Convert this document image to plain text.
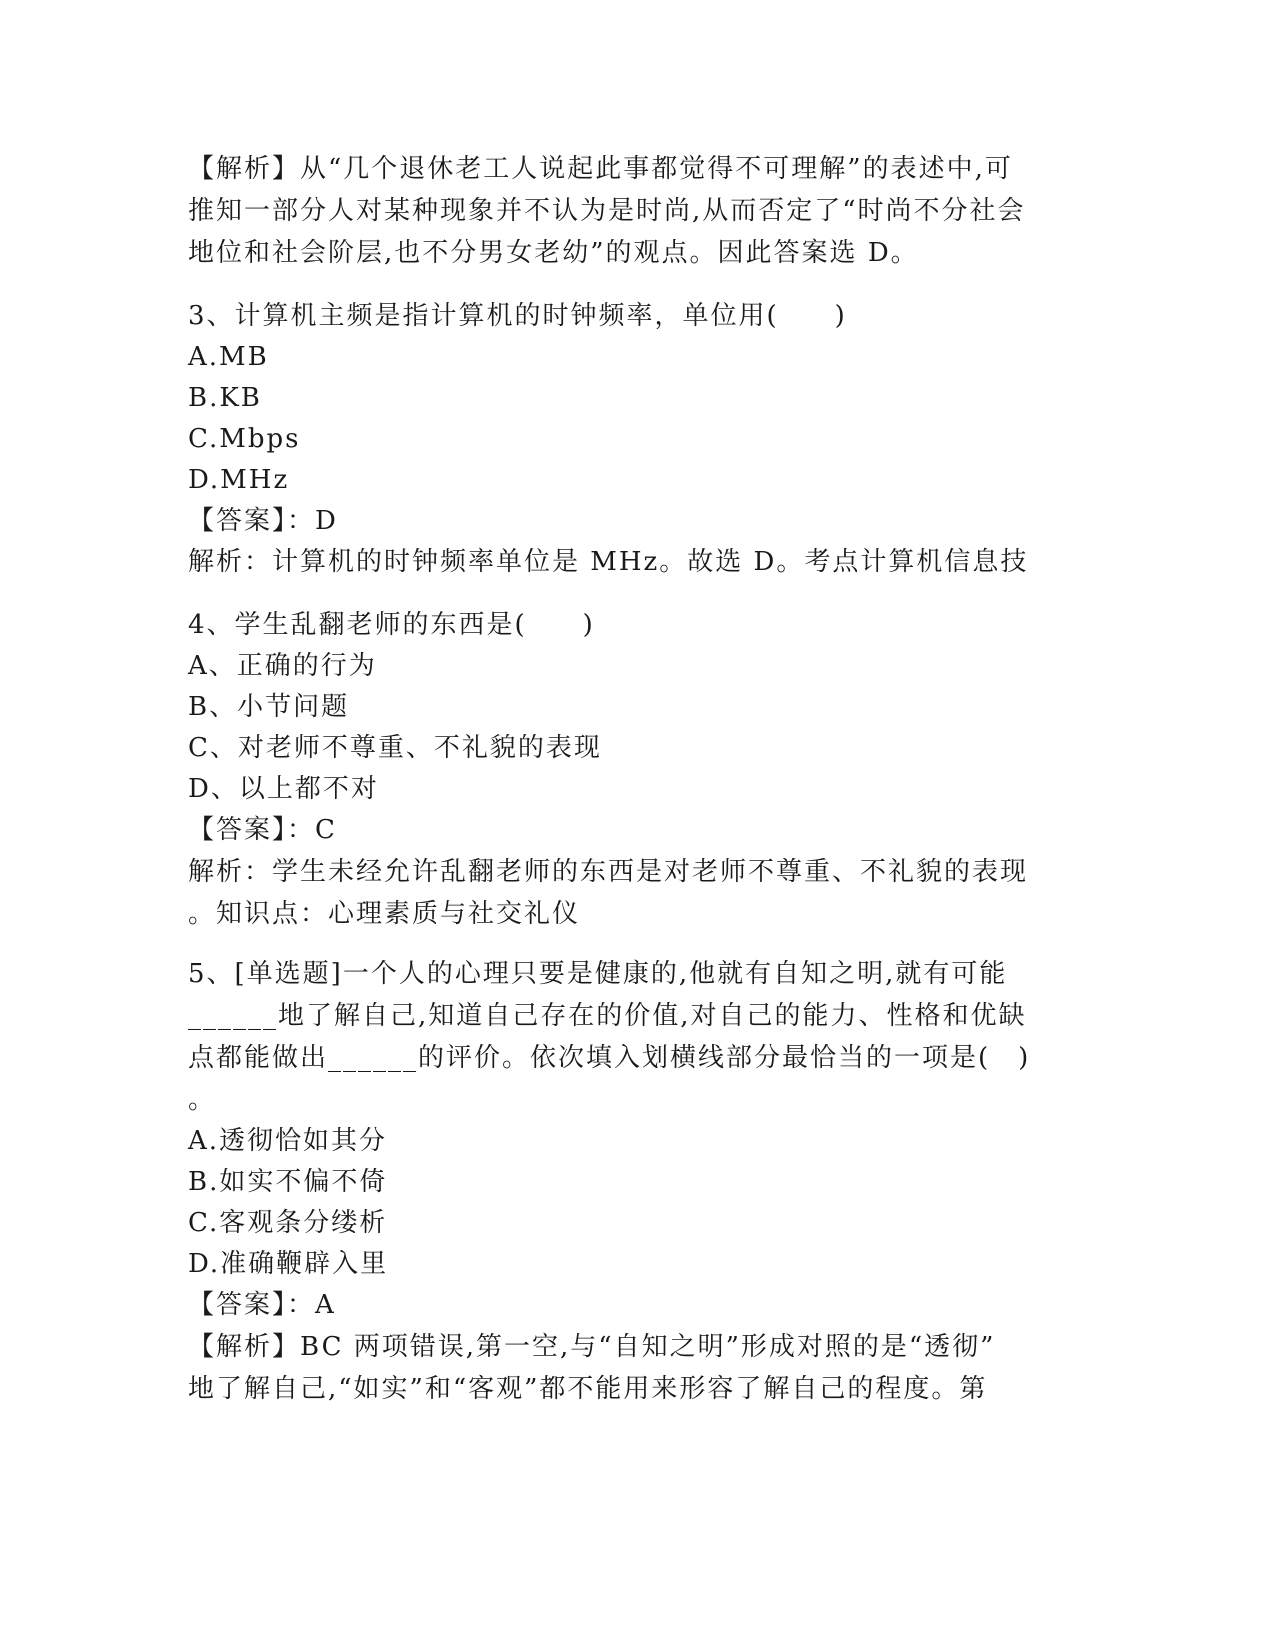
【解析】从“几个退休老工人说起此事都觉得不可理解”的表述中,可
推知一部分人对某种现象并不认为是时尚,从而否定了“时尚不分社会
地位和社会阶层,也不分男女老幼”的观点。因此答案选 D。
3、计算机主频是指计算机的时钟频率，单位用(　　)
A.MB
B.KB
C.Mbps
D.MHz
【答案】：D
解析：计算机的时钟频率单位是 MHz。故选 D。考点计算机信息技
4、学生乱翻老师的东西是(　　)
A、正确的行为
B、小节问题
C、对老师不尊重、不礼貌的表现
D、以上都不对
【答案】：C
解析：学生未经允许乱翻老师的东西是对老师不尊重、不礼貌的表现
。知识点：心理素质与社交礼仪
5、[单选题]一个人的心理只要是健康的,他就有自知之明,就有可能
______地了解自己,知道自己存在的价值,对自己的能力、性格和优缺
点都能做出______的评价。依次填入划横线部分最恰当的一项是(　)
。
A.透彻恰如其分
B.如实不偏不倚
C.客观条分缕析
D.准确鞭辟入里
【答案】：A
【解析】BC 两项错误,第一空,与“自知之明”形成对照的是“透彻”
地了解自己,“如实”和“客观”都不能用来形容了解自己的程度。第
